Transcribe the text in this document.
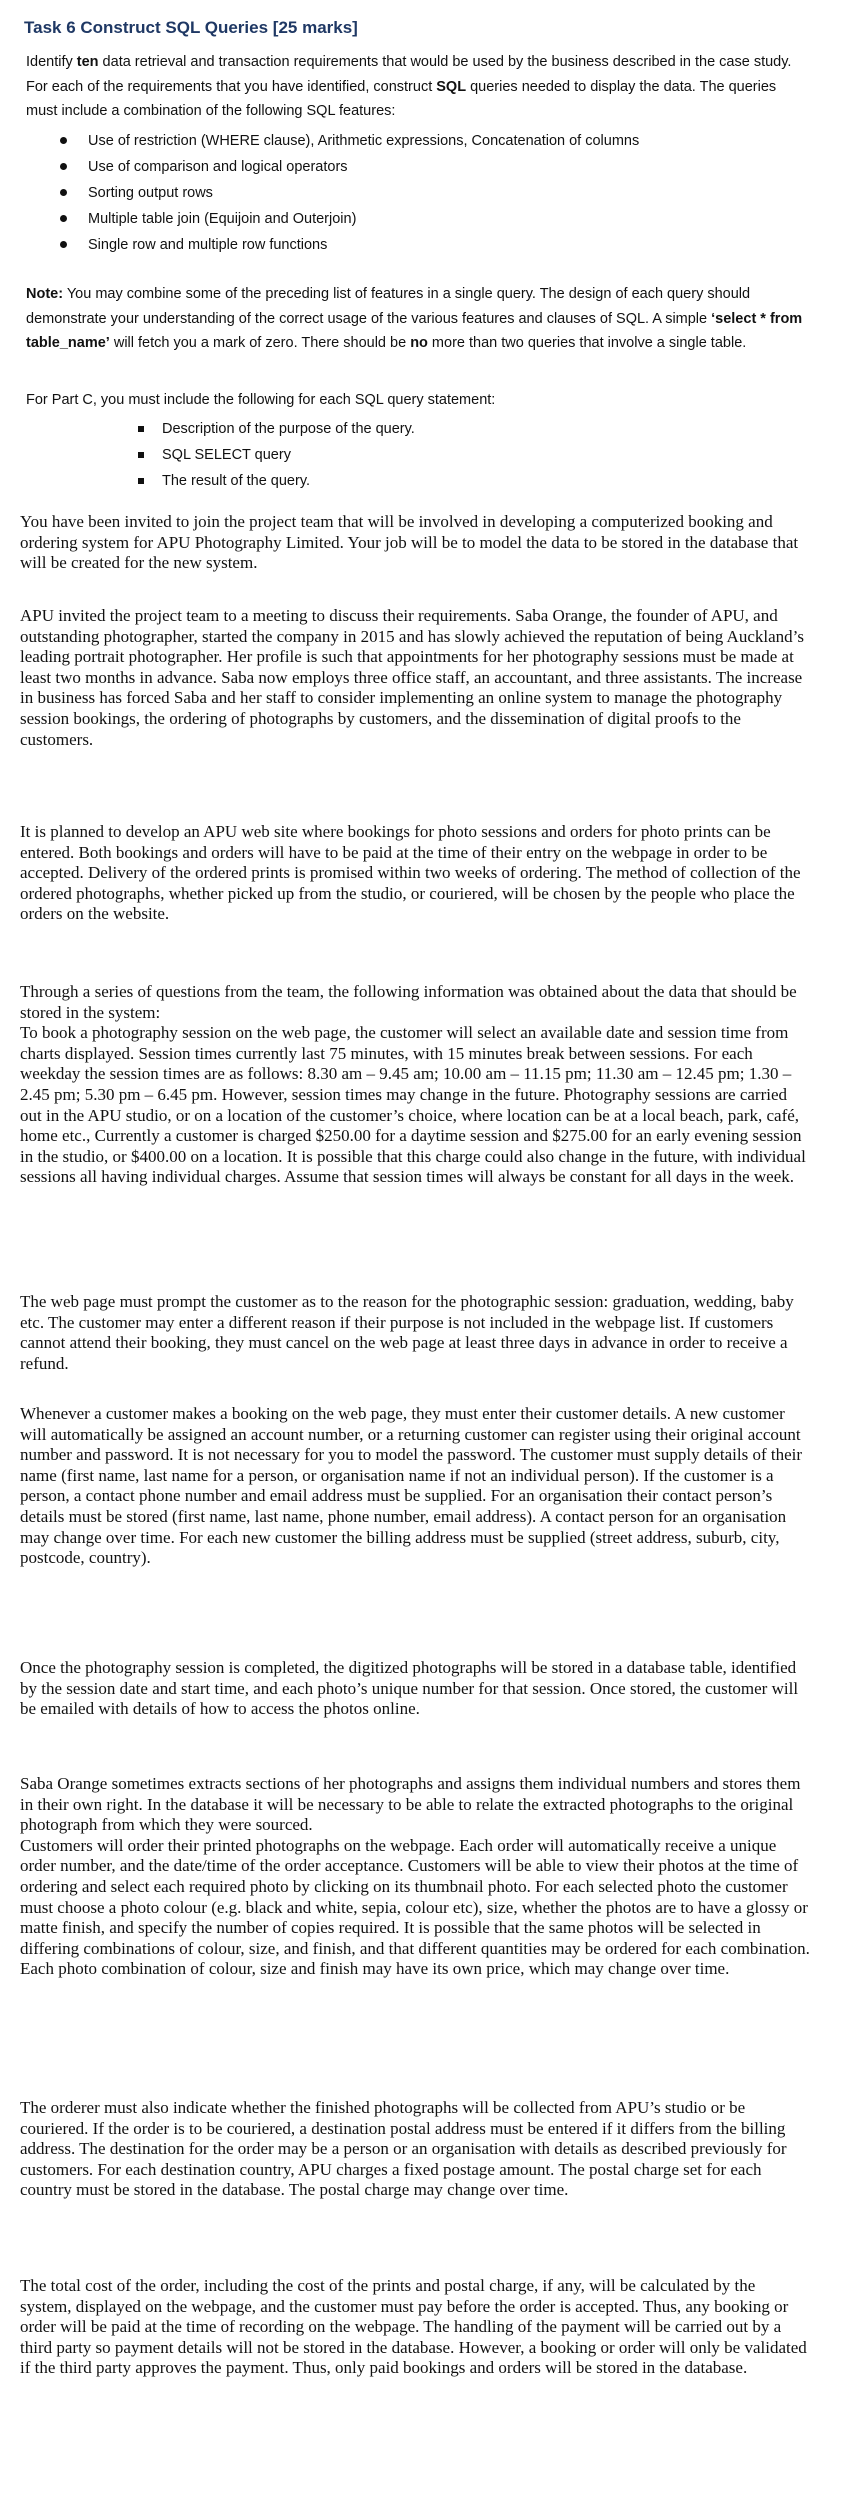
Task 6 Construct SQL Queries [25 marks]

Identify ten data retrieval and transaction requirements that would be used by the business described in the case study. For each of the requirements that you have identified, construct SQL queries needed to display the data. The queries must include a combination of the following SQL features:

Use of restriction (WHERE clause), Arithmetic expressions, Concatenation of columns
Use of comparison and logical operators
Sorting output rows
Multiple table join (Equijoin and Outerjoin)
Single row and multiple row functions

Note: You may combine some of the preceding list of features in a single query. The design of each query should demonstrate your understanding of the correct usage of the various features and clauses of SQL. A simple ‘select * from table_name’ will fetch you a mark of zero. There should be no more than two queries that involve a single table.

For Part C, you must include the following for each SQL query statement:

Description of the purpose of the query.
SQL SELECT query
The result of the query.

You have been invited to join the project team that will be involved in developing a computerized booking and ordering system for APU Photography Limited. Your job will be to model the data to be stored in the database that will be created for the new system.

APU invited the project team to a meeting to discuss their requirements. Saba Orange, the founder of APU, and outstanding photographer, started the company in 2015 and has slowly achieved the reputation of being Auckland’s leading portrait photographer. Her profile is such that appointments for her photography sessions must be made at least two months in advance. Saba now employs three office staff, an accountant, and three assistants. The increase in business has forced Saba and her staff to consider implementing an online system to manage the photography session bookings, the ordering of photographs by customers, and the dissemination of digital proofs to the customers.

It is planned to develop an APU web site where bookings for photo sessions and orders for photo prints can be entered. Both bookings and orders will have to be paid at the time of their entry on the webpage in order to be accepted. Delivery of the ordered prints is promised within two weeks of ordering. The method of collection of the ordered photographs, whether picked up from the studio, or couriered, will be chosen by the people who place the orders on the website.

Through a series of questions from the team, the following information was obtained about the data that should be stored in the system:
To book a photography session on the web page, the customer will select an available date and session time from charts displayed. Session times currently last 75 minutes, with 15 minutes break between sessions. For each weekday the session times are as follows: 8.30 am – 9.45 am; 10.00 am – 11.15 pm; 11.30 am – 12.45 pm; 1.30 – 2.45 pm; 5.30 pm – 6.45 pm. However, session times may change in the future. Photography sessions are carried out in the APU studio, or on a location of the customer’s choice, where location can be at a local beach, park, café, home etc., Currently a customer is charged $250.00 for a daytime session and $275.00 for an early evening session in the studio, or $400.00 on a location. It is possible that this charge could also change in the future, with individual sessions all having individual charges. Assume that session times will always be constant for all days in the week.

The web page must prompt the customer as to the reason for the photographic session: graduation, wedding, baby etc. The customer may enter a different reason if their purpose is not included in the webpage list. If customers cannot attend their booking, they must cancel on the web page at least three days in advance in order to receive a refund.

Whenever a customer makes a booking on the web page, they must enter their customer details. A new customer will automatically be assigned an account number, or a returning customer can register using their original account number and password. It is not necessary for you to model the password. The customer must supply details of their name (first name, last name for a person, or organisation name if not an individual person). If the customer is a person, a contact phone number and email address must be supplied. For an organisation their contact person’s details must be stored (first name, last name, phone number, email address). A contact person for an organisation may change over time. For each new customer the billing address must be supplied (street address, suburb, city, postcode, country).

Once the photography session is completed, the digitized photographs will be stored in a database table, identified by the session date and start time, and each photo’s unique number for that session. Once stored, the customer will be emailed with details of how to access the photos online.

Saba Orange sometimes extracts sections of her photographs and assigns them individual numbers and stores them in their own right. In the database it will be necessary to be able to relate the extracted photographs to the original photograph from which they were sourced.
Customers will order their printed photographs on the webpage. Each order will automatically receive a unique order number, and the date/time of the order acceptance. Customers will be able to view their photos at the time of ordering and select each required photo by clicking on its thumbnail photo. For each selected photo the customer must choose a photo colour (e.g. black and white, sepia, colour etc), size, whether the photos are to have a glossy or matte finish, and specify the number of copies required. It is possible that the same photos will be selected in differing combinations of colour, size, and finish, and that different quantities may be ordered for each combination. Each photo combination of colour, size and finish may have its own price, which may change over time.

The orderer must also indicate whether the finished photographs will be collected from APU’s studio or be couriered. If the order is to be couriered, a destination postal address must be entered if it differs from the billing address. The destination for the order may be a person or an organisation with details as described previously for customers. For each destination country, APU charges a fixed postage amount. The postal charge set for each country must be stored in the database. The postal charge may change over time.

The total cost of the order, including the cost of the prints and postal charge, if any, will be calculated by the system, displayed on the webpage, and the customer must pay before the order is accepted. Thus, any booking or order will be paid at the time of recording on the webpage. The handling of the payment will be carried out by a third party so payment details will not be stored in the database. However, a booking or order will only be validated if the third party approves the payment. Thus, only paid bookings and orders will be stored in the database.
